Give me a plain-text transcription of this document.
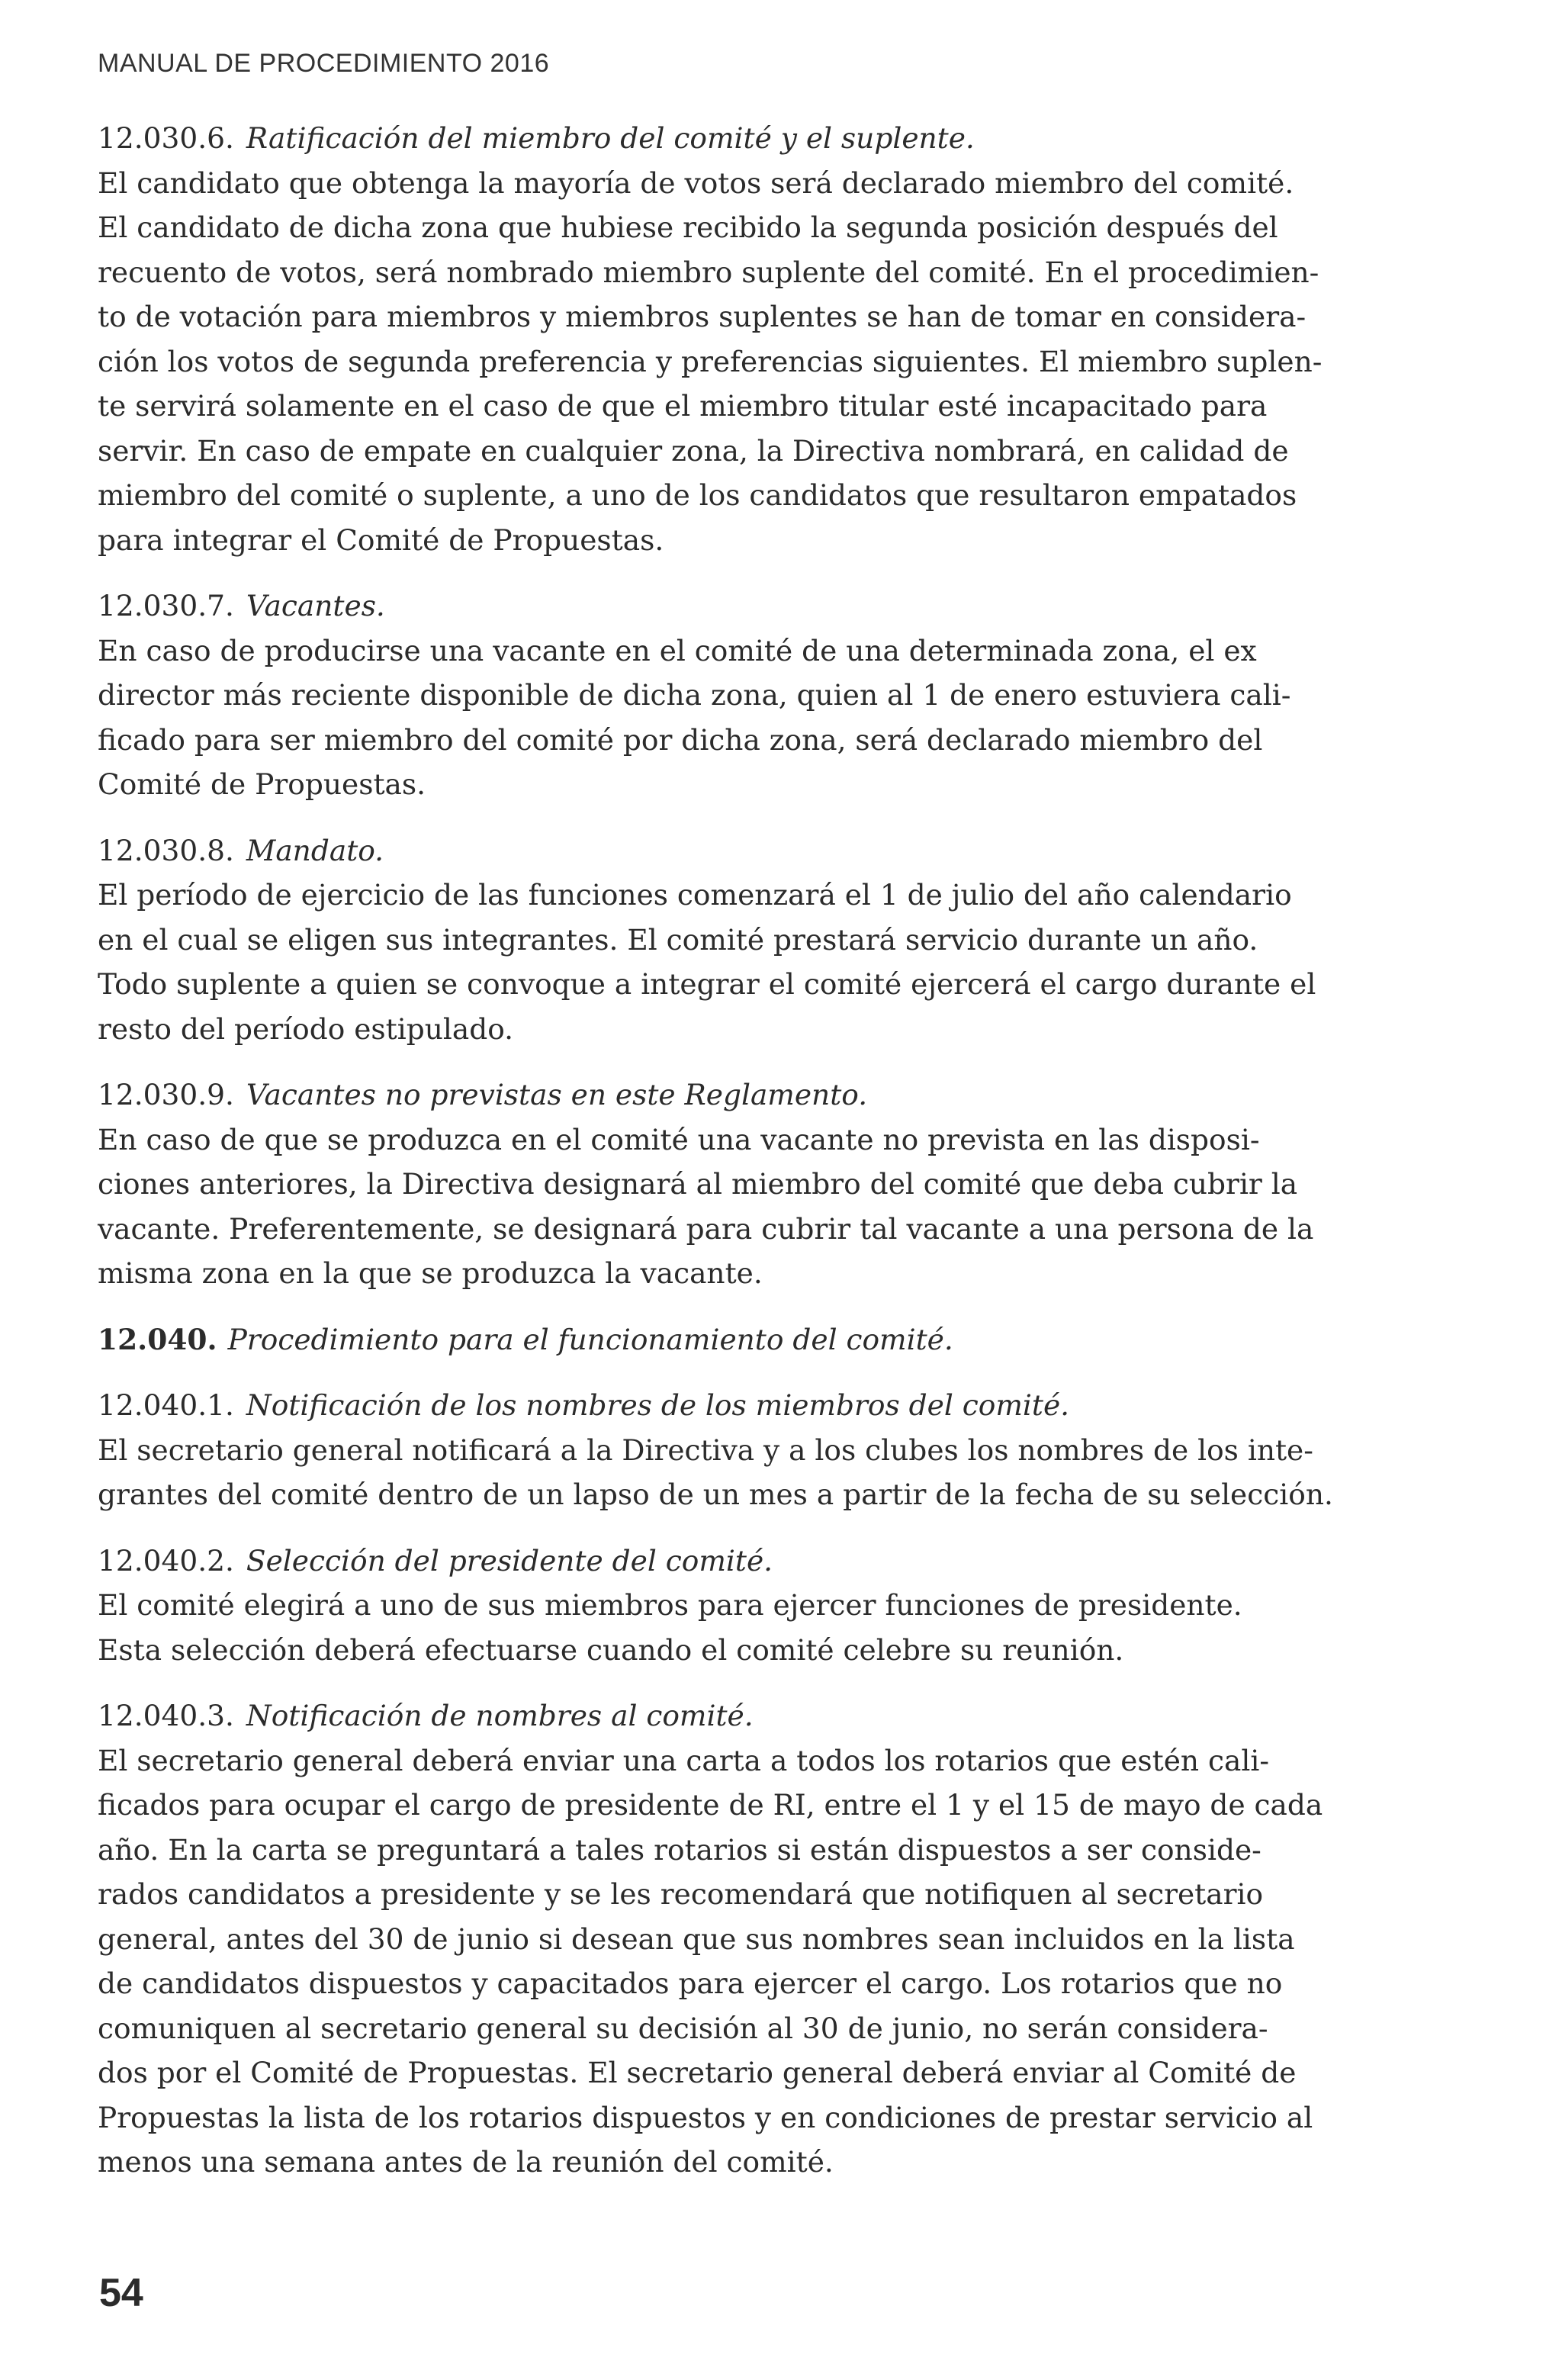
MANUAL DE PROCEDIMIENTO 2016
12.030.6. Ratificación del miembro del comité y el suplente.
El candidato que obtenga la mayoría de votos será declarado miembro del comité.
El candidato de dicha zona que hubiese recibido la segunda posición después del
recuento de votos, será nombrado miembro suplente del comité. En el procedimien-
to de votación para miembros y miembros suplentes se han de tomar en considera-
ción los votos de segunda preferencia y preferencias siguientes. El miembro suplen-
te servirá solamente en el caso de que el miembro titular esté incapacitado para
servir. En caso de empate en cualquier zona, la Directiva nombrará, en calidad de
miembro del comité o suplente, a uno de los candidatos que resultaron empatados
para integrar el Comité de Propuestas.
12.030.7. Vacantes.
En caso de producirse una vacante en el comité de una determinada zona, el ex
director más reciente disponible de dicha zona, quien al 1 de enero estuviera cali-
ficado para ser miembro del comité por dicha zona, será declarado miembro del
Comité de Propuestas.
12.030.8. Mandato.
El período de ejercicio de las funciones comenzará el 1 de julio del año calendario
en el cual se eligen sus integrantes. El comité prestará servicio durante un año.
Todo suplente a quien se convoque a integrar el comité ejercerá el cargo durante el
resto del período estipulado.
12.030.9. Vacantes no previstas en este Reglamento.
En caso de que se produzca en el comité una vacante no prevista en las disposi-
ciones anteriores, la Directiva designará al miembro del comité que deba cubrir la
vacante. Preferentemente, se designará para cubrir tal vacante a una persona de la
misma zona en la que se produzca la vacante.
12.040. Procedimiento para el funcionamiento del comité.
12.040.1. Notificación de los nombres de los miembros del comité.
El secretario general notificará a la Directiva y a los clubes los nombres de los inte-
grantes del comité dentro de un lapso de un mes a partir de la fecha de su selección.
12.040.2. Selección del presidente del comité.
El comité elegirá a uno de sus miembros para ejercer funciones de presidente.
Esta selección deberá efectuarse cuando el comité celebre su reunión.
12.040.3. Notificación de nombres al comité.
El secretario general deberá enviar una carta a todos los rotarios que estén cali-
ficados para ocupar el cargo de presidente de RI, entre el 1 y el 15 de mayo de cada
año. En la carta se preguntará a tales rotarios si están dispuestos a ser conside-
rados candidatos a presidente y se les recomendará que notifiquen al secretario
general, antes del 30 de junio si desean que sus nombres sean incluidos en la lista
de candidatos dispuestos y capacitados para ejercer el cargo. Los rotarios que no
comuniquen al secretario general su decisión al 30 de junio, no serán considera-
dos por el Comité de Propuestas. El secretario general deberá enviar al Comité de
Propuestas la lista de los rotarios dispuestos y en condiciones de prestar servicio al
menos una semana antes de la reunión del comité.
54
